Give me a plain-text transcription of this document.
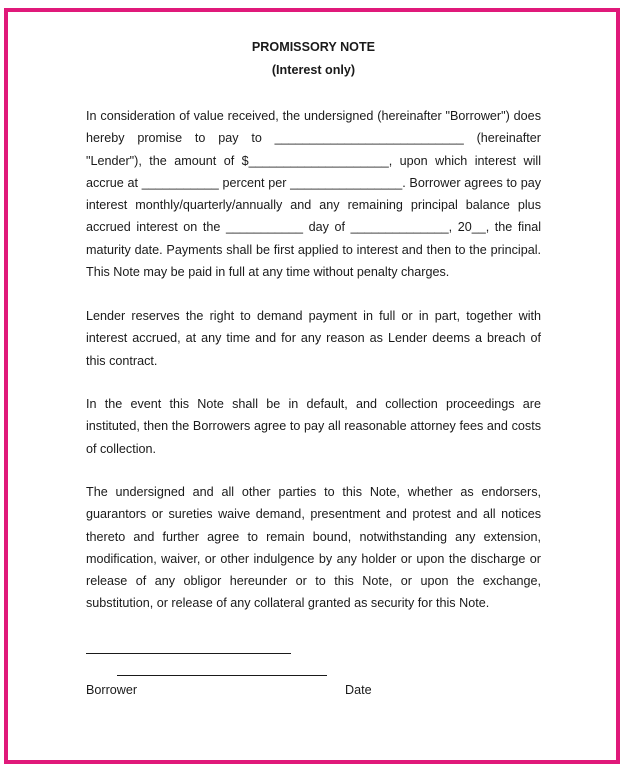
PROMISSORY NOTE
(Interest only)
In consideration of value received, the undersigned (hereinafter "Borrower") does hereby promise to pay to ___________________________ (hereinafter "Lender"), the amount of $____________________, upon which interest will accrue at ___________ percent per ________________. Borrower agrees to pay interest monthly/quarterly/annually and any remaining principal balance plus accrued interest on the ___________ day of ______________, 20__, the final maturity date. Payments shall be first applied to interest and then to the principal. This Note may be paid in full at any time without penalty charges.
Lender reserves the right to demand payment in full or in part, together with interest accrued, at any time and for any reason as Lender deems a breach of this contract.
In the event this Note shall be in default, and collection proceedings are instituted, then the Borrowers agree to pay all reasonable attorney fees and costs of collection.
The undersigned and all other parties to this Note, whether as endorsers, guarantors or sureties waive demand, presentment and protest and all notices thereto and further agree to remain bound, notwithstanding any extension, modification, waiver, or other indulgence by any holder or upon the discharge or release of any obligor hereunder or to this Note, or upon the exchange, substitution, or release of any collateral granted as security for this Note.
Borrower	Date
